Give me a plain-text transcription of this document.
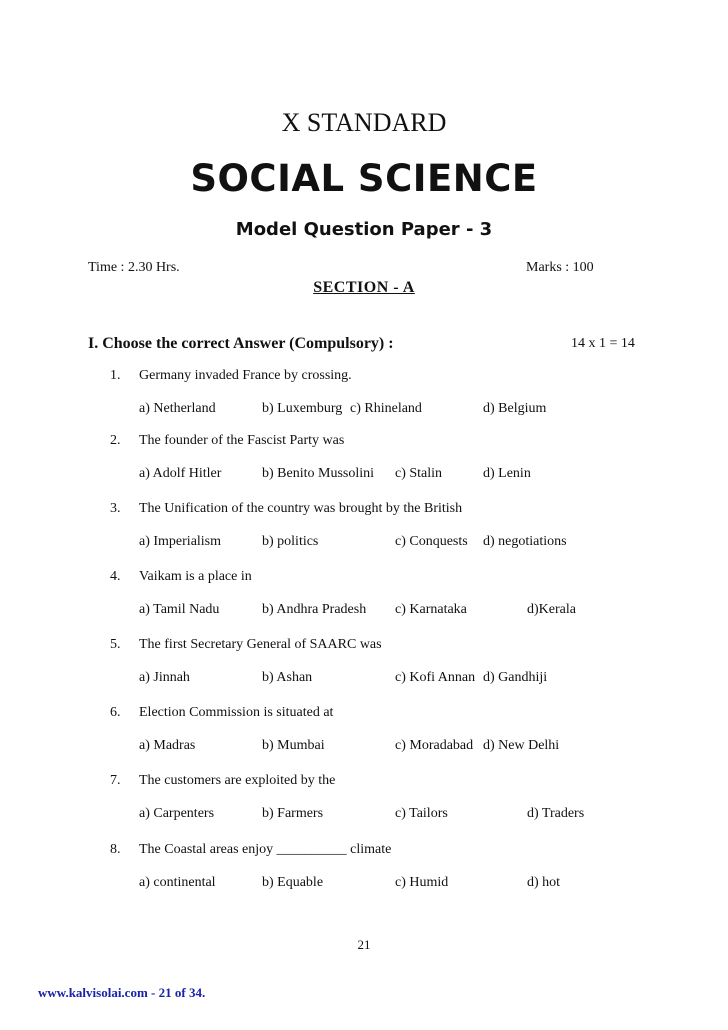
X STANDARD
SOCIAL SCIENCE
Model Question Paper - 3
Time : 2.30 Hrs.	Marks : 100
SECTION - A
I. Choose the correct Answer (Compulsory) :	14 x 1 = 14
1. Germany invaded France by crossing.
a) Netherland	b) Luxemburg c) Rhineland	d) Belgium
2. The founder of the Fascist Party was
a) Adolf Hitler	b) Benito Mussolini c) Stalin	d) Lenin
3. The Unification of the country was brought by the British
a) Imperialism	b) politics	c) Conquests d) negotiations
4. Vaikam is a place in
a) Tamil Nadu	b) Andhra Pradesh c) Karnataka	d)Kerala
5. The first Secretary General of SAARC was
a) Jinnah	b) Ashan	c) Kofi Annan d) Gandhiji
6. Election Commission is situated at
a) Madras	b) Mumbai	c) Moradabad d) New Delhi
7. The customers are exploited by the
a) Carpenters	b) Farmers	c) Tailors	d) Traders
8. The Coastal areas enjoy __________ climate
a) continental	b) Equable	c) Humid	d) hot
21
www.kalvisolai.com - 21 of 34.
